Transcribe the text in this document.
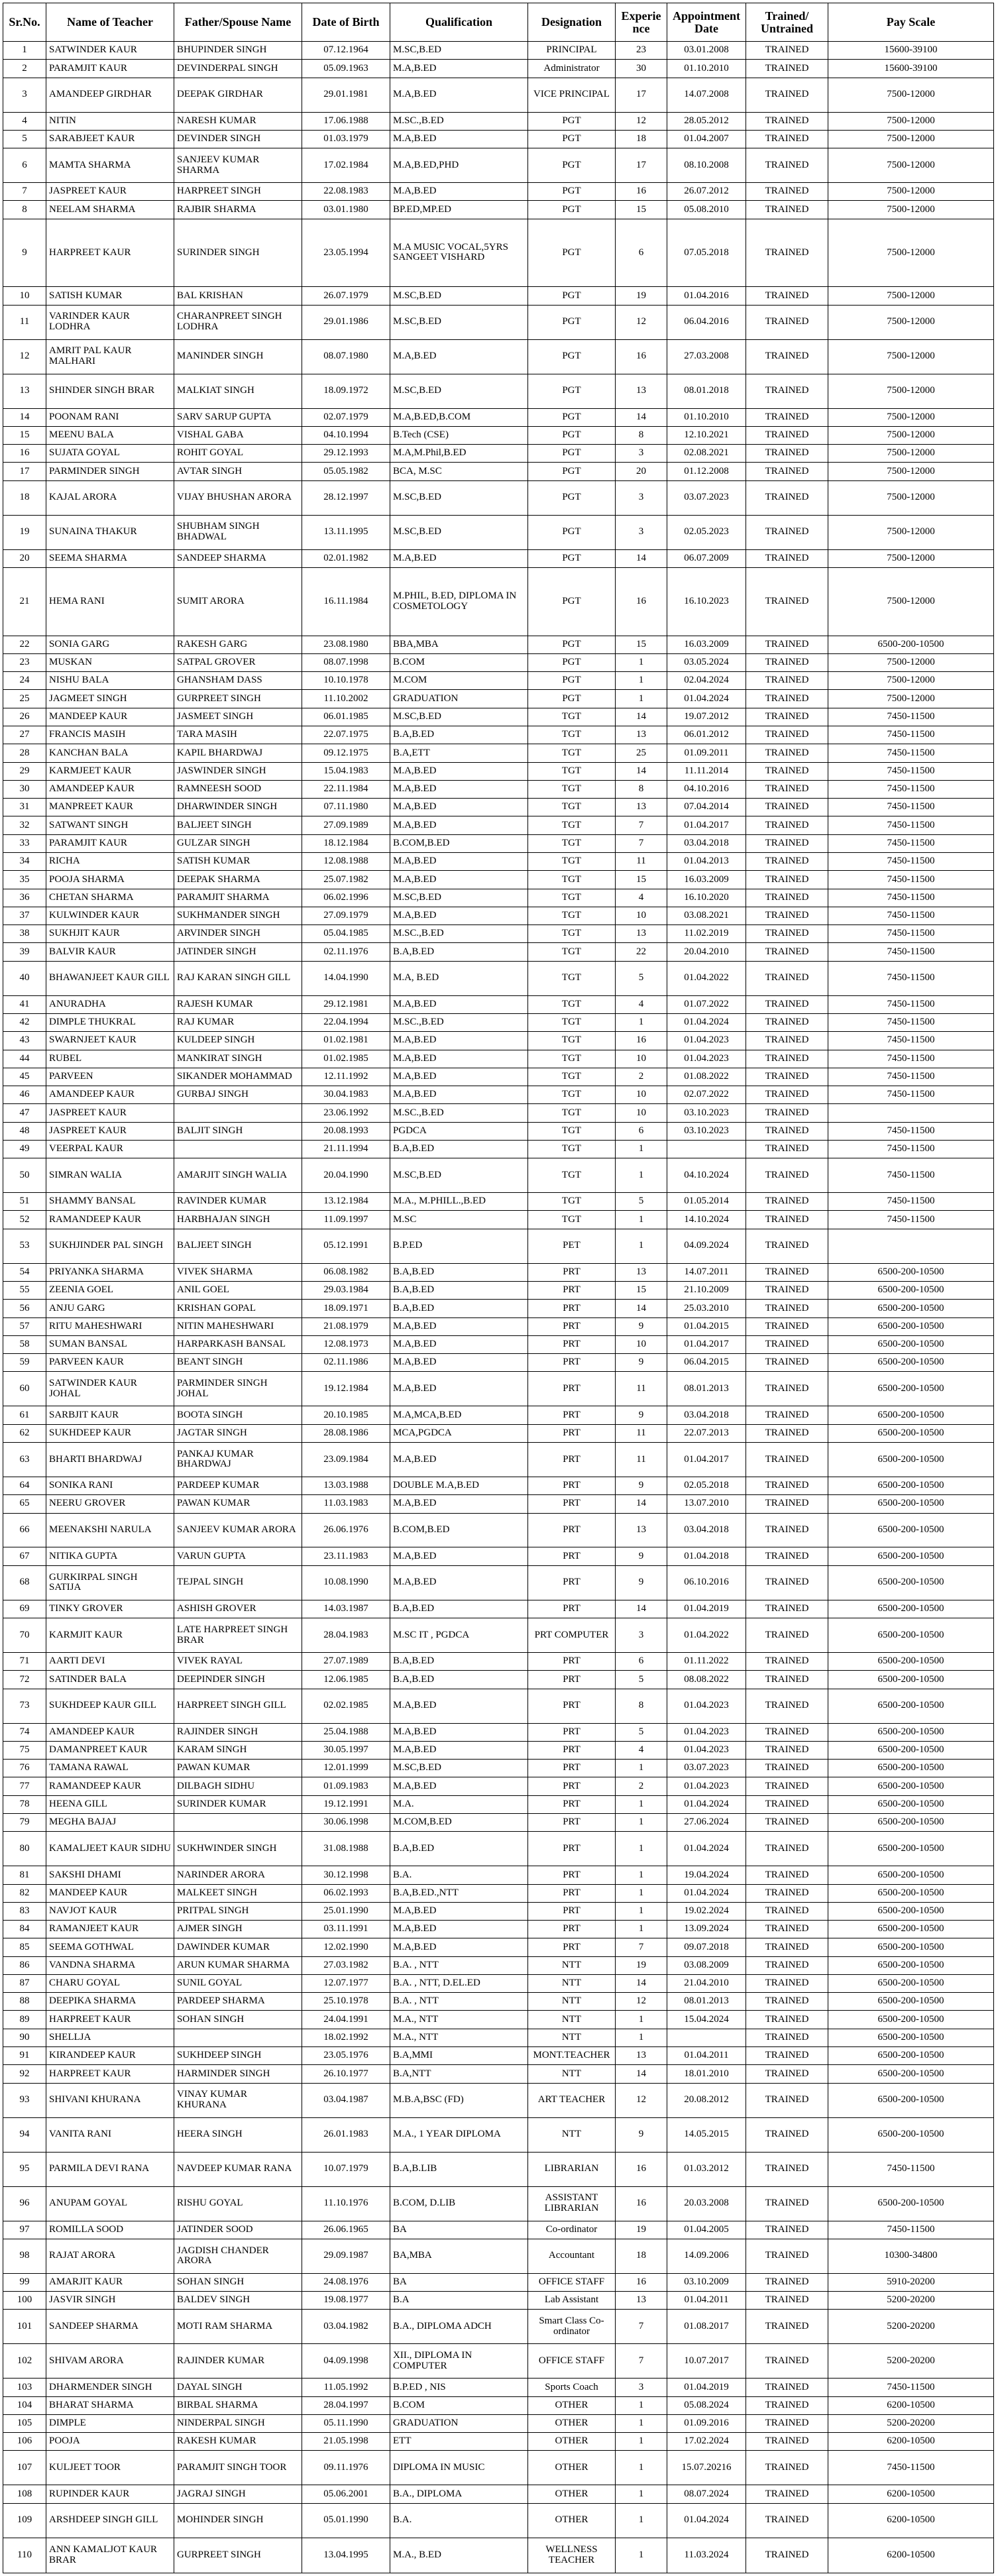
Sr.No.	Name of Teacher	Father/Spouse Name	Date of Birth	Qualification	Designation	Experience	Appointment Date	Trained/ Untrained	Pay Scale
1	SATWINDER KAUR	BHUPINDER SINGH	07.12.1964	M.SC,B.ED	PRINCIPAL	23	03.01.2008	TRAINED	15600-39100
2	PARAMJIT KAUR	DEVINDERPAL SINGH	05.09.1963	M.A,B.ED	Administrator	30	01.10.2010	TRAINED	15600-39100
3	AMANDEEP GIRDHAR	DEEPAK GIRDHAR	29.01.1981	M.A,B.ED	VICE PRINCIPAL	17	14.07.2008	TRAINED	7500-12000
4	NITIN	NARESH KUMAR	17.06.1988	M.SC.,B.ED	PGT	12	28.05.2012	TRAINED	7500-12000
5	SARABJEET KAUR	DEVINDER SINGH	01.03.1979	M.A,B.ED	PGT	18	01.04.2007	TRAINED	7500-12000
6	MAMTA SHARMA	SANJEEV KUMAR SHARMA	17.02.1984	M.A,B.ED,PHD	PGT	17	08.10.2008	TRAINED	7500-12000
7	JASPREET KAUR	HARPREET SINGH	22.08.1983	M.A,B.ED	PGT	16	26.07.2012	TRAINED	7500-12000
8	NEELAM SHARMA	RAJBIR SHARMA	03.01.1980	BP.ED,MP.ED	PGT	15	05.08.2010	TRAINED	7500-12000
9	HARPREET KAUR	SURINDER SINGH	23.05.1994	M.A MUSIC VOCAL,5YRS SANGEET VISHARD	PGT	6	07.05.2018	TRAINED	7500-12000
10	SATISH KUMAR	BAL KRISHAN	26.07.1979	M.SC,B.ED	PGT	19	01.04.2016	TRAINED	7500-12000
11	VARINDER KAUR LODHRA	CHARANPREET SINGH LODHRA	29.01.1986	M.SC,B.ED	PGT	12	06.04.2016	TRAINED	7500-12000
12	AMRIT PAL KAUR MALHARI	MANINDER SINGH	08.07.1980	M.A,B.ED	PGT	16	27.03.2008	TRAINED	7500-12000
13	SHINDER SINGH BRAR	MALKIAT SINGH	18.09.1972	M.SC,B.ED	PGT	13	08.01.2018	TRAINED	7500-12000
14	POONAM RANI	SARV SARUP GUPTA	02.07.1979	M.A,B.ED,B.COM	PGT	14	01.10.2010	TRAINED	7500-12000
15	MEENU BALA	VISHAL GABA	04.10.1994	B.Tech (CSE)	PGT	8	12.10.2021	TRAINED	7500-12000
16	SUJATA GOYAL	ROHIT GOYAL	29.12.1993	M.A,M.Phil,B.ED	PGT	3	02.08.2021	TRAINED	7500-12000
17	PARMINDER SINGH	AVTAR SINGH	05.05.1982	BCA, M.SC	PGT	20	01.12.2008	TRAINED	7500-12000
18	KAJAL ARORA	VIJAY BHUSHAN ARORA	28.12.1997	M.SC,B.ED	PGT	3	03.07.2023	TRAINED	7500-12000
19	SUNAINA THAKUR	SHUBHAM SINGH BHADWAL	13.11.1995	M.SC,B.ED	PGT	3	02.05.2023	TRAINED	7500-12000
20	SEEMA SHARMA	SANDEEP SHARMA	02.01.1982	M.A,B.ED	PGT	14	06.07.2009	TRAINED	7500-12000
21	HEMA RANI	SUMIT ARORA	16.11.1984	M.PHIL, B.ED, DIPLOMA IN COSMETOLOGY	PGT	16	16.10.2023	TRAINED	7500-12000
22	SONIA GARG	RAKESH GARG	23.08.1980	BBA,MBA	PGT	15	16.03.2009	TRAINED	6500-200-10500
23	MUSKAN	SATPAL GROVER	08.07.1998	B.COM	PGT	1	03.05.2024	TRAINED	7500-12000
24	NISHU BALA	GHANSHAM DASS	10.10.1978	M.COM	PGT	1	02.04.2024	TRAINED	7500-12000
25	JAGMEET SINGH	GURPREET SINGH	11.10.2002	GRADUATION	PGT	1	01.04.2024	TRAINED	7500-12000
26	MANDEEP KAUR	JASMEET SINGH	06.01.1985	M.SC,B.ED	TGT	14	19.07.2012	TRAINED	7450-11500
27	FRANCIS MASIH	TARA MASIH	22.07.1975	B.A,B.ED	TGT	13	06.01.2012	TRAINED	7450-11500
28	KANCHAN BALA	KAPIL BHARDWAJ	09.12.1975	B.A,ETT	TGT	25	01.09.2011	TRAINED	7450-11500
29	KARMJEET KAUR	JASWINDER SINGH	15.04.1983	M.A,B.ED	TGT	14	11.11.2014	TRAINED	7450-11500
30	AMANDEEP KAUR	RAMNEESH SOOD	22.11.1984	M.A,B.ED	TGT	8	04.10.2016	TRAINED	7450-11500
31	MANPREET KAUR	DHARWINDER SINGH	07.11.1980	M.A,B.ED	TGT	13	07.04.2014	TRAINED	7450-11500
32	SATWANT SINGH	BALJEET SINGH	27.09.1989	M.A,B.ED	TGT	7	01.04.2017	TRAINED	7450-11500
33	PARAMJIT KAUR	GULZAR SINGH	18.12.1984	B.COM,B.ED	TGT	7	03.04.2018	TRAINED	7450-11500
34	RICHA	SATISH KUMAR	12.08.1988	M.A,B.ED	TGT	11	01.04.2013	TRAINED	7450-11500
35	POOJA SHARMA	DEEPAK SHARMA	25.07.1982	M.A,B.ED	TGT	15	16.03.2009	TRAINED	7450-11500
36	CHETAN SHARMA	PARAMJIT SHARMA	06.02.1996	M.SC,B.ED	TGT	4	16.10.2020	TRAINED	7450-11500
37	KULWINDER KAUR	SUKHMANDER SINGH	27.09.1979	M.A,B.ED	TGT	10	03.08.2021	TRAINED	7450-11500
38	SUKHJIT KAUR	ARVINDER SINGH	05.04.1985	M.SC.,B.ED	TGT	13	11.02.2019	TRAINED	7450-11500
39	BALVIR KAUR	JATINDER SINGH	02.11.1976	B.A,B.ED	TGT	22	20.04.2010	TRAINED	7450-11500
40	BHAWANJEET KAUR GILL	RAJ KARAN SINGH GILL	14.04.1990	M.A, B.ED	TGT	5	01.04.2022	TRAINED	7450-11500
41	ANURADHA	RAJESH KUMAR	29.12.1981	M.A,B.ED	TGT	4	01.07.2022	TRAINED	7450-11500
42	DIMPLE THUKRAL	RAJ KUMAR	22.04.1994	M.SC.,B.ED	TGT	1	01.04.2024	TRAINED	7450-11500
43	SWARNJEET KAUR	KULDEEP SINGH	01.02.1981	M.A,B.ED	TGT	16	01.04.2023	TRAINED	7450-11500
44	RUBEL	MANKIRAT SINGH	01.02.1985	M.A,B.ED	TGT	10	01.04.2023	TRAINED	7450-11500
45	PARVEEN	SIKANDER MOHAMMAD	12.11.1992	M.A,B.ED	TGT	2	01.08.2022	TRAINED	7450-11500
46	AMANDEEP KAUR	GURBAJ SINGH	30.04.1983	M.A,B.ED	TGT	10	02.07.2022	TRAINED	7450-11500
47	JASPREET KAUR		23.06.1992	M.SC.,B.ED	TGT	10	03.10.2023	TRAINED	
48	JASPREET KAUR	BALJIT SINGH	20.08.1993	PGDCA	TGT	6	03.10.2023	TRAINED	7450-11500
49	VEERPAL KAUR		21.11.1994	B.A,B.ED	TGT	1		TRAINED	7450-11500
50	SIMRAN WALIA	AMARJIT SINGH WALIA	20.04.1990	M.SC,B.ED	TGT	1	04.10.2024	TRAINED	7450-11500
51	SHAMMY BANSAL	RAVINDER KUMAR	13.12.1984	M.A., M.PHILL.,B.ED	TGT	5	01.05.2014	TRAINED	7450-11500
52	RAMANDEEP KAUR	HARBHAJAN SINGH	11.09.1997	M.SC	TGT	1	14.10.2024	TRAINED	7450-11500
53	SUKHJINDER PAL SINGH	BALJEET SINGH	05.12.1991	B.P.ED	PET	1	04.09.2024	TRAINED	
54	PRIYANKA SHARMA	VIVEK SHARMA	06.08.1982	B.A,B.ED	PRT	13	14.07.2011	TRAINED	6500-200-10500
55	ZEENIA GOEL	ANIL GOEL	29.03.1984	B.A,B.ED	PRT	15	21.10.2009	TRAINED	6500-200-10500
56	ANJU GARG	KRISHAN GOPAL	18.09.1971	B.A,B.ED	PRT	14	25.03.2010	TRAINED	6500-200-10500
57	RITU MAHESHWARI	NITIN MAHESHWARI	21.08.1979	M.A,B.ED	PRT	9	01.04.2015	TRAINED	6500-200-10500
58	SUMAN BANSAL	HARPARKASH BANSAL	12.08.1973	M.A,B.ED	PRT	10	01.04.2017	TRAINED	6500-200-10500
59	PARVEEN KAUR	BEANT SINGH	02.11.1986	M.A,B.ED	PRT	9	06.04.2015	TRAINED	6500-200-10500
60	SATWINDER KAUR JOHAL	PARMINDER SINGH JOHAL	19.12.1984	M.A,B.ED	PRT	11	08.01.2013	TRAINED	6500-200-10500
61	SARBJIT KAUR	BOOTA SINGH	20.10.1985	M.A,MCA,B.ED	PRT	9	03.04.2018	TRAINED	6500-200-10500
62	SUKHDEEP KAUR	JAGTAR SINGH	28.08.1986	MCA,PGDCA	PRT	11	22.07.2013	TRAINED	6500-200-10500
63	BHARTI BHARDWAJ	PANKAJ KUMAR BHARDWAJ	23.09.1984	M.A,B.ED	PRT	11	01.04.2017	TRAINED	6500-200-10500
64	SONIKA RANI	PARDEEP KUMAR	13.03.1988	DOUBLE M.A,B.ED	PRT	9	02.05.2018	TRAINED	6500-200-10500
65	NEERU GROVER	PAWAN KUMAR	11.03.1983	M.A,B.ED	PRT	14	13.07.2010	TRAINED	6500-200-10500
66	MEENAKSHI NARULA	SANJEEV KUMAR ARORA	26.06.1976	B.COM,B.ED	PRT	13	03.04.2018	TRAINED	6500-200-10500
67	NITIKA GUPTA	VARUN GUPTA	23.11.1983	M.A,B.ED	PRT	9	01.04.2018	TRAINED	6500-200-10500
68	GURKIRPAL SINGH SATIJA	TEJPAL SINGH	10.08.1990	M.A,B.ED	PRT	9	06.10.2016	TRAINED	6500-200-10500
69	TINKY GROVER	ASHISH GROVER	14.03.1987	B.A,B.ED	PRT	14	01.04.2019	TRAINED	6500-200-10500
70	KARMJIT KAUR	LATE HARPREET SINGH BRAR	28.04.1983	M.SC IT , PGDCA	PRT COMPUTER	3	01.04.2022	TRAINED	6500-200-10500
71	AARTI DEVI	VIVEK RAYAL	27.07.1989	B.A,B.ED	PRT	6	01.11.2022	TRAINED	6500-200-10500
72	SATINDER BALA	DEEPINDER SINGH	12.06.1985	B.A,B.ED	PRT	5	08.08.2022	TRAINED	6500-200-10500
73	SUKHDEEP KAUR GILL	HARPREET SINGH GILL	02.02.1985	M.A,B.ED	PRT	8	01.04.2023	TRAINED	6500-200-10500
74	AMANDEEP KAUR	RAJINDER SINGH	25.04.1988	M.A,B.ED	PRT	5	01.04.2023	TRAINED	6500-200-10500
75	DAMANPREET KAUR	KARAM SINGH	30.05.1997	M.A,B.ED	PRT	4	01.04.2023	TRAINED	6500-200-10500
76	TAMANA RAWAL	PAWAN KUMAR	12.01.1999	M.SC,B.ED	PRT	1	03.07.2023	TRAINED	6500-200-10500
77	RAMANDEEP KAUR	DILBAGH SIDHU	01.09.1983	M.A,B.ED	PRT	2	01.04.2023	TRAINED	6500-200-10500
78	HEENA GILL	SURINDER KUMAR	19.12.1991	M.A.	PRT	1	01.04.2024	TRAINED	6500-200-10500
79	MEGHA BAJAJ		30.06.1998	M.COM,B.ED	PRT	1	27.06.2024	TRAINED	6500-200-10500
80	KAMALJEET KAUR SIDHU	SUKHWINDER SINGH	31.08.1988	B.A,B.ED	PRT	1	01.04.2024	TRAINED	6500-200-10500
81	SAKSHI DHAMI	NARINDER ARORA	30.12.1998	B.A.	PRT	1	19.04.2024	TRAINED	6500-200-10500
82	MANDEEP KAUR	MALKEET SINGH	06.02.1993	B.A,B.ED.,NTT	PRT	1	01.04.2024	TRAINED	6500-200-10500
83	NAVJOT KAUR	PRITPAL SINGH	25.01.1990	M.A,B.ED	PRT	1	19.02.2024	TRAINED	6500-200-10500
84	RAMANJEET KAUR	AJMER SINGH	03.11.1991	M.A,B.ED	PRT	1	13.09.2024	TRAINED	6500-200-10500
85	SEEMA GOTHWAL	DAWINDER KUMAR	12.02.1990	M.A,B.ED	PRT	7	09.07.2018	TRAINED	6500-200-10500
86	VANDNA SHARMA	ARUN KUMAR SHARMA	27.03.1982	B.A. , NTT	NTT	19	03.08.2009	TRAINED	6500-200-10500
87	CHARU GOYAL	SUNIL GOYAL	12.07.1977	B.A. , NTT, D.EL.ED	NTT	14	21.04.2010	TRAINED	6500-200-10500
88	DEEPIKA SHARMA	PARDEEP SHARMA	25.10.1978	B.A. , NTT	NTT	12	08.01.2013	TRAINED	6500-200-10500
89	HARPREET KAUR	SOHAN SINGH	24.04.1991	M.A., NTT	NTT	1	15.04.2024	TRAINED	6500-200-10500
90	SHELLJA		18.02.1992	M.A., NTT	NTT	1		TRAINED	6500-200-10500
91	KIRANDEEP KAUR	SUKHDEEP SINGH	23.05.1976	B.A,MMI	MONT.TEACHER	13	01.04.2011	TRAINED	6500-200-10500
92	HARPREET KAUR	HARMINDER SINGH	26.10.1977	B.A,NTT	NTT	14	18.01.2010	TRAINED	6500-200-10500
93	SHIVANI KHURANA	VINAY KUMAR KHURANA	03.04.1987	M.B.A,BSC (FD)	ART TEACHER	12	20.08.2012	TRAINED	6500-200-10500
94	VANITA RANI	HEERA SINGH	26.01.1983	M.A., 1 YEAR DIPLOMA	NTT	9	14.05.2015	TRAINED	6500-200-10500
95	PARMILA DEVI RANA	NAVDEEP KUMAR RANA	10.07.1979	B.A,B.LIB	LIBRARIAN	16	01.03.2012	TRAINED	7450-11500
96	ANUPAM GOYAL	RISHU GOYAL	11.10.1976	B.COM, D.LIB	ASSISTANT LIBRARIAN	16	20.03.2008	TRAINED	6500-200-10500
97	ROMILLA SOOD	JATINDER SOOD	26.06.1965	BA	Co-ordinator	19	01.04.2005	TRAINED	7450-11500
98	RAJAT ARORA	JAGDISH CHANDER ARORA	29.09.1987	BA,MBA	Accountant	18	14.09.2006	TRAINED	10300-34800
99	AMARJIT KAUR	SOHAN SINGH	24.08.1976	BA	OFFICE STAFF	16	03.10.2009	TRAINED	5910-20200
100	JASVIR SINGH	BALDEV SINGH	19.08.1977	B.A	Lab Assistant	13	01.04.2011	TRAINED	5200-20200
101	SANDEEP SHARMA	MOTI RAM SHARMA	03.04.1982	B.A., DIPLOMA ADCH	Smart Class Co-ordinator	7	01.08.2017	TRAINED	5200-20200
102	SHIVAM ARORA	RAJINDER KUMAR	04.09.1998	XII., DIPLOMA IN COMPUTER	OFFICE STAFF	7	10.07.2017	TRAINED	5200-20200
103	DHARMENDER SINGH	DAYAL SINGH	11.05.1992	B.P.ED , NIS	Sports Coach	3	01.04.2019	TRAINED	7450-11500
104	BHARAT SHARMA	BIRBAL SHARMA	28.04.1997	B.COM	OTHER	1	05.08.2024	TRAINED	6200-10500
105	DIMPLE	NINDERPAL SINGH	05.11.1990	GRADUATION	OTHER	1	01.09.2016	TRAINED	5200-20200
106	POOJA	RAKESH KUMAR	21.05.1998	ETT	OTHER	1	17.02.2024	TRAINED	6200-10500
107	KULJEET TOOR	PARAMJIT SINGH TOOR	09.11.1976	DIPLOMA IN MUSIC	OTHER	1	15.07.20216	TRAINED	7450-11500
108	RUPINDER KAUR	JAGRAJ SINGH	05.06.2001	B.A., DIPLOMA	OTHER	1	08.07.2024	TRAINED	6200-10500
109	ARSHDEEP SINGH GILL	MOHINDER SINGH	05.01.1990	B.A.	OTHER	1	01.04.2024	TRAINED	6200-10500
110	ANN KAMALJOT KAUR BRAR	GURPREET SINGH	13.04.1995	M.A., B.ED	WELLNESS TEACHER	1	11.03.2024	TRAINED	6200-10500
